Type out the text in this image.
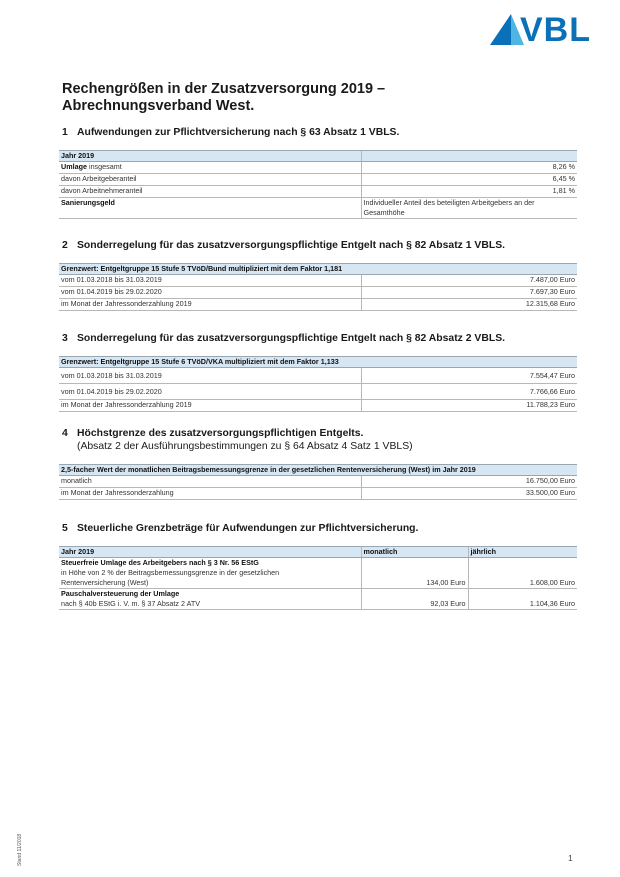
VBL
Rechengrößen in der Zusatzversorgung 2019 –
Abrechnungsverband West.
1 Aufwendungen zur Pflichtversicherung nach § 63 Absatz 1 VBLS.
Jahr 2019	
Umlage insgesamt	8,26 %
davon Arbeitgeberanteil	6,45 %
davon Arbeitnehmeranteil	1,81 %
Sanierungsgeld	Individueller Anteil des beteiligten Arbeitgebers an der Gesamthöhe
2 Sonderregelung für das zusatzversorgungspflichtige Entgelt nach § 82 Absatz 1 VBLS.
Grenzwert: Entgeltgruppe 15 Stufe 5 TVöD/Bund multipliziert mit dem Faktor 1,181	
vom 01.03.2018 bis 31.03.2019	7.487,00 Euro
vom 01.04.2019 bis 29.02.2020	7.697,30 Euro
im Monat der Jahressonderzahlung 2019	12.315,68 Euro
3 Sonderregelung für das zusatzversorgungspflichtige Entgelt nach § 82 Absatz 2 VBLS.
Grenzwert: Entgeltgruppe 15 Stufe 6 TVöD/VKA multipliziert mit dem Faktor 1,133	
vom 01.03.2018 bis 31.03.2019	7.554,47 Euro
vom 01.04.2019 bis 29.02.2020	7.766,66 Euro
im Monat der Jahressonderzahlung 2019	11.788,23 Euro
4 Höchstgrenze des zusatzversorgungspflichtigen Entgelts.
(Absatz 2 der Ausführungsbestimmungen zu § 64 Absatz 4 Satz 1 VBLS)
2,5-facher Wert der monatlichen Beitragsbemessungsgrenze in der gesetzlichen Rentenversicherung (West) im Jahr 2019	
monatlich	16.750,00 Euro
im Monat der Jahressonderzahlung	33.500,00 Euro
5 Steuerliche Grenzbeträge für Aufwendungen zur Pflichtversicherung.
Jahr 2019	monatlich	jährlich

Steuerfreie Umlage des Arbeitgebers nach § 3 Nr. 56 EStG
in Höhe von 2 % der Beitragsbemessungsgrenze in der gesetzlichen
Rentenversicherung (West)	134,00 Euro	1.608,00 Euro

Pauschalversteuerung der Umlage
nach § 40b EStG i. V. m. § 37 Absatz 2 ATV	92,03 Euro	1.104,36 Euro
Stand 11/2018	1
